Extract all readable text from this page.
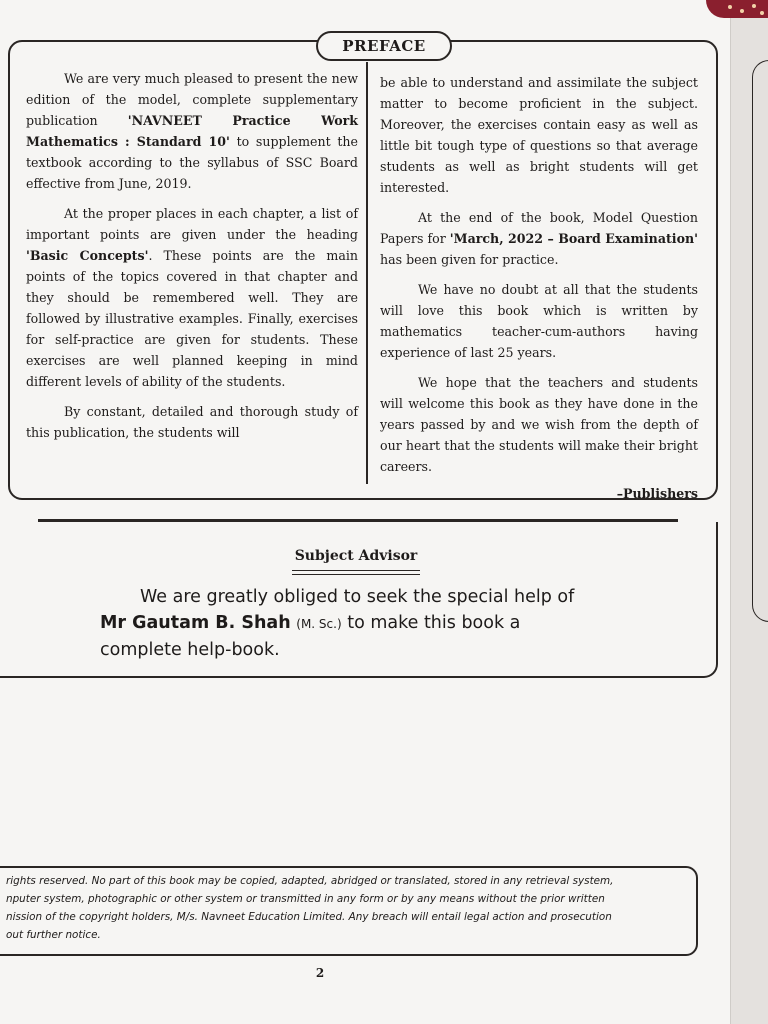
PREFACE

We are very much pleased to present the new edition of the model, complete supplementary publication 'NAVNEET Practice Work Mathematics : Standard 10' to supplement the textbook according to the syllabus of SSC Board effective from June, 2019.

At the proper places in each chapter, a list of important points are given under the heading 'Basic Concepts'. These points are the main points of the topics covered in that chapter and they should be remembered well. They are followed by illustrative examples. Finally, exercises for self-practice are given for students. These exercises are well planned keeping in mind different levels of ability of the students.

By constant, detailed and thorough study of this publication, the students will

be able to understand and assimilate the subject matter to become proficient in the subject. Moreover, the exercises contain easy as well as little bit tough type of questions so that average students as well as bright students will get interested.

At the end of the book, Model Question Papers for 'March, 2022 – Board Examination' has been given for practice.

We have no doubt at all that the students will love this book which is written by mathematics teacher-cum-authors having experience of last 25 years.

We hope that the teachers and students will welcome this book as they have done in the years passed by and we wish from the depth of our heart that the students will make their bright careers.

–Publishers
Subject Advisor
We are greatly obliged to seek the special help of
Mr Gautam B. Shah (M. Sc.) to make this book a
complete help-book.
rights reserved. No part of this book may be copied, adapted, abridged or translated, stored in any retrieval system,
nputer system, photographic or other system or transmitted in any form or by any means without the prior written
nission of the copyright holders, M/s. Navneet Education Limited. Any breach will entail legal action and prosecution
out further notice.
2
